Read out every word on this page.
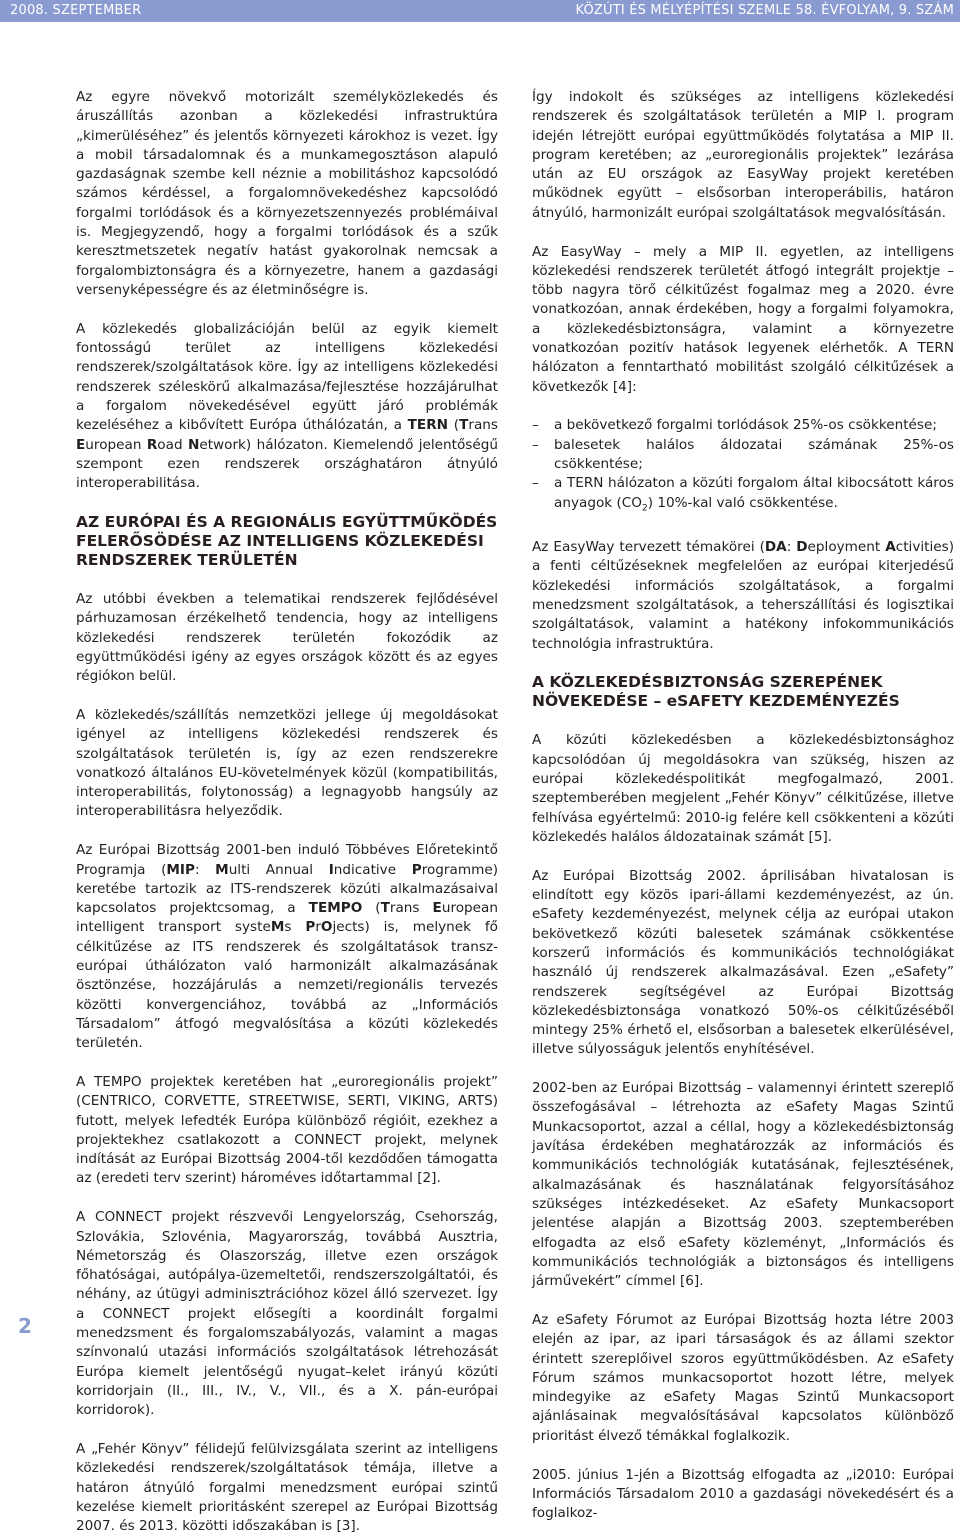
2008. SZEPTEMBER	KÖZÚTI ÉS MÉLYÉPÍTÉSI SZEMLE 58. ÉVFOLYAM, 9. SZÁM

Az egyre növekvő motorizált személyközlekedés és áruszállítás azonban a közlekedési infrastruktúra „kimerüléséhez” és jelentős környezeti károkhoz is vezet. Így a mobil társadalomnak és a munkamegosztáson alapuló gazdaságnak szembe kell néznie a mobilitáshoz kapcsolódó számos kérdéssel, a forgalomnövekedéshez kapcsolódó forgalmi torlódások és a környezetszennyezés problémáival is. Megjegyzendő, hogy a forgalmi torlódások és a szűk keresztmetszetek negatív hatást gyakorolnak nemcsak a forgalombiztonságra és a környezetre, hanem a gazdasági versenyképességre és az életminőségre is.

A közlekedés globalizációján belül az egyik kiemelt fontosságú terület az intelligens közlekedési rendszerek/szolgáltatások köre. Így az intelligens közlekedési rendszerek széleskörű alkalmazása/fejlesztése hozzájárulhat a forgalom növekedésével együtt járó problémák kezeléséhez a kibővített Európa úthálózatán, a TERN (Trans European Road Network) hálózaton. Kiemelendő jelentőségű szempont ezen rendszerek országhatáron átnyúló interoperabilitása.

AZ EURÓPAI ÉS A REGIONÁLIS EGYÜTTMŰKÖDÉS FELERŐSÖDÉSE AZ INTELLIGENS KÖZLEKEDÉSI RENDSZEREK TERÜLETÉN

Az utóbbi években a telematikai rendszerek fejlődésével párhuzamosan érzékelhető tendencia, hogy az intelligens közlekedési rendszerek területén fokozódik az együttműködési igény az egyes országok között és az egyes régiókon belül.

A közlekedés/szállítás nemzetközi jellege új megoldásokat igényel az intelligens közlekedési rendszerek és szolgáltatások területén is, így az ezen rendszerekre vonatkozó általános EU-követelmények közül (kompatibilitás, interoperabilitás, folytonosság) a legnagyobb hangsúly az interoperabilitásra helyeződik.

Az Európai Bizottság 2001-ben induló Többéves Előretekintő Programja (MIP: Multi Annual Indicative Programme) keretébe tartozik az ITS-rendszerek közúti alkalmazásaival kapcsolatos projektcsomag, a TEMPO (Trans European intelligent transport systeMs PrOjects) is, melynek fő célkitűzése az ITS rendszerek és szolgáltatások transz-európai úthálózaton való harmonizált alkalmazásának ösztönzése, hozzájárulás a nemzeti/regionális tervezés közötti konvergenciához, továbbá az „Információs Társadalom” átfogó megvalósítása a közúti közlekedés területén.

A TEMPO projektek keretében hat „euroregionális projekt” (CENTRICO, CORVETTE, STREETWISE, SERTI, VIKING, ARTS) futott, melyek lefedték Európa különböző régióit, ezekhez a projektekhez csatlakozott a CONNECT projekt, melynek indítását az Európai Bizottság 2004-től kezdődően támogatta az (eredeti terv szerint) hároméves időtartammal [2].

A CONNECT projekt részvevői Lengyelország, Csehország, Szlovákia, Szlovénia, Magyarország, továbbá Ausztria, Németország és Olaszország, illetve ezen országok főhatóságai, autópálya-üzemeltetői, rendszerszolgáltatói, és néhány, az útügyi adminisztrációhoz közel álló szervezet. Így a CONNECT projekt elősegíti a koordinált forgalmi menedzsment és forgalomszabályozás, valamint a magas színvonalú utazási információs szolgáltatások létrehozását Európa kiemelt jelentőségű nyugat–kelet irányú közúti korridorjain (II., III., IV., V., VII., és a X. pán-európai korridorok).

A „Fehér Könyv” félidejű felülvizsgálata szerint az intelligens közlekedési rendszerek/szolgáltatások témája, illetve a határon átnyúló forgalmi menedzsment európai szintű kezelése kiemelt prioritásként szerepel az Európai Bizottság 2007. és 2013. közötti időszakában is [3].

Így indokolt és szükséges az intelligens közlekedési rendszerek és szolgáltatások területén a MIP I. program idején létrejött európai együttműködés folytatása a MIP II. program keretében; az „euroregionális projektek” lezárása után az EU országok az EasyWay projekt keretében működnek együtt – elsősorban interoperábilis, határon átnyúló, harmonizált európai szolgáltatások megvalósításán.

Az EasyWay – mely a MIP II. egyetlen, az intelligens közlekedési rendszerek területét átfogó integrált projektje – több nagyra törő célkitűzést fogalmaz meg a 2020. évre vonatkozóan, annak érdekében, hogy a forgalmi folyamokra, a közlekedésbiztonságra, valamint a környezetre vonatkozóan pozitív hatások legyenek elérhetők. A TERN hálózaton a fenntartható mobilitást szolgáló célkitűzések a következők [4]:

– a bekövetkező forgalmi torlódások 25%-os csökkentése;
– balesetek halálos áldozatai számának 25%-os csökkentése;
– a TERN hálózaton a közúti forgalom által kibocsátott káros anyagok $(CO_2)$ 10%-kal való csökkentése.

Az EasyWay tervezett témakörei (DA: Deployment Activities) a fenti céltűzéseknek megfelelően az európai kiterjedésű közlekedési információs szolgáltatások, a forgalmi menedzsment szolgáltatások, a teherszállítási és logisztikai szolgáltatások, valamint a hatékony infokommunikációs technológia infrastruktúra.

A KÖZLEKEDÉSBIZTONSÁG SZEREPÉNEK NÖVEKEDÉSE – eSAFETY KEZDEMÉNYEZÉS

A közúti közlekedésben a közlekedésbiztonsághoz kapcsolódóan új megoldásokra van szükség, hiszen az európai közlekedéspolitikát megfogalmazó, 2001. szeptemberében megjelent „Fehér Könyv” célkitűzése, illetve felhívása egyértelmű: 2010-ig felére kell csökkenteni a közúti közlekedés halálos áldozatainak számát [5].

Az Európai Bizottság 2002. áprilisában hivatalosan is elindított egy közös ipari-állami kezdeményezést, az ún. eSafety kezdeményezést, melynek célja az európai utakon bekövetkező közúti balesetek számának csökkentése korszerű információs és kommunikációs technológiákat használó új rendszerek alkalmazásával. Ezen „eSafety” rendszerek segítségével az Európai Bizottság közlekedésbiztonsága vonatkozó 50%-os célkitűzéséből mintegy 25% érhető el, elsősorban a balesetek elkerülésével, illetve súlyosságuk jelentős enyhítésével.

2002-ben az Európai Bizottság – valamennyi érintett szereplő összefogásával – létrehozta az eSafety Magas Szintű Munkacsoportot, azzal a céllal, hogy a közlekedésbiztonság javítása érdekében meghatározzák az információs és kommunikációs technológiák kutatásának, fejlesztésének, alkalmazásának és használatának felgyorsításához szükséges intézkedéseket. Az eSafety Munkacsoport jelentése alapján a Bizottság 2003. szeptemberében elfogadta az első eSafety közleményt, „Információs és kommunikációs technológiák a biztonságos és intelligens járművekért” címmel [6].

Az eSafety Fórumot az Európai Bizottság hozta létre 2003 elején az ipar, az ipari társaságok és az állami szektor érintett szereplőivel szoros együttműködésben. Az eSafety Fórum számos munkacsoportot hozott létre, melyek mindegyike az eSafety Magas Szintű Munkacsoport ajánlásainak megvalósításával kapcsolatos különböző prioritást élvező témákkal foglalkozik.

2005. június 1-jén a Bizottság elfogadta az „i2010: Európai Információs Társadalom 2010 a gazdasági növekedésért és a foglalkoz-

2
